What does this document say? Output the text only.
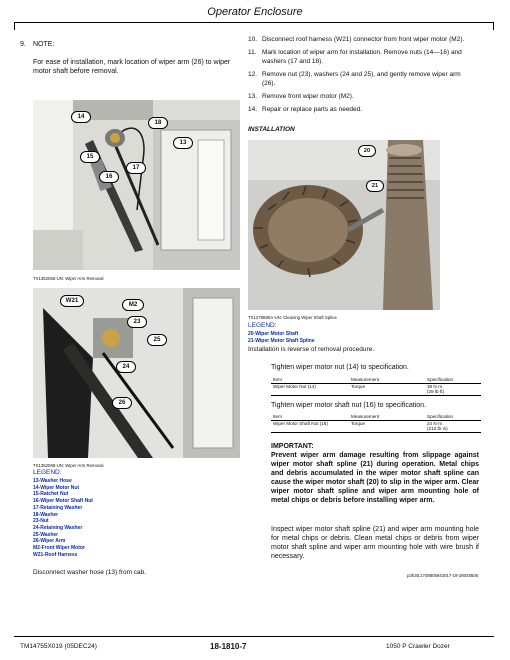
Operator Enclosure
9. NOTE:
For ease of installation, mark location of wiper arm (26) to wiper motor shaft before removal.
14
18
13
15
17
16
TX1352065-UN: Wiper Arm Removal
W21
M2
23
25
24
26
TX1352068-UN: Wiper Arm Removal
LEGEND:
13-Washer Hose
14-Wiper Motor Nut
15-Ratchet Nut
16-Wiper Motor Shaft Nut
17-Retaining Washer
18-Washer
23-Nut
24-Retaining Washer
25-Washer
26-Wiper Arm
M2-Front Wiper Motor
W21-Roof Harness
Disconnect washer hose (13) from cab.
10. Disconnect roof harness (W21) connector from front wiper motor (M2).
11. Mark location of wiper arm for installation. Remove nuts (14—16) and washers (17 and 18).
12. Remove nut (23), washers (24 and 25), and gently remove wiper arm (26).
13. Remove front wiper motor (M2).
14. Repair or replace parts as needed.
INSTALLATION
20
21
TX1278690A-UN: Cleaning Wiper Shaft Spline
LEGEND:
20-Wiper Motor Shaft
21-Wiper Motor Shaft Spline
Installation is reverse of removal procedure.
Tighten wiper motor nut (14) to specification.
Item	Measurement	Specification
Wiper Motor Nut (14)	Torque	38 N·m
(28 lb·ft)
Tighten wiper motor shaft nut (16) to specification.
Item	Measurement	Specification
Wiper Motor Shaft Nut (16)	Torque	24 N·m
(212 lb·in)
IMPORTANT:
Prevent wiper arm damage resulting from slippage against wiper motor shaft spline (21) during operation. Metal chips and debris accumulated in the wiper motor shaft spline can cause the wiper motor shaft (20) to slip in the wiper arm. Clear wiper motor shaft spline and wiper arm mounting hole of metal chips or debris before installing wiper arm.
Inspect wiper motor shaft spline (21) and wiper arm mounting hole for metal chips or debris. Clean metal chips or debris from wiper motor shaft spline and wiper arm mounting hole with wire brush if necessary.
p3h3tt,1708805943017-19-28048506
TM14755X019 (05DEC24)	18-1810-7	1050 P Crawler Dozer
